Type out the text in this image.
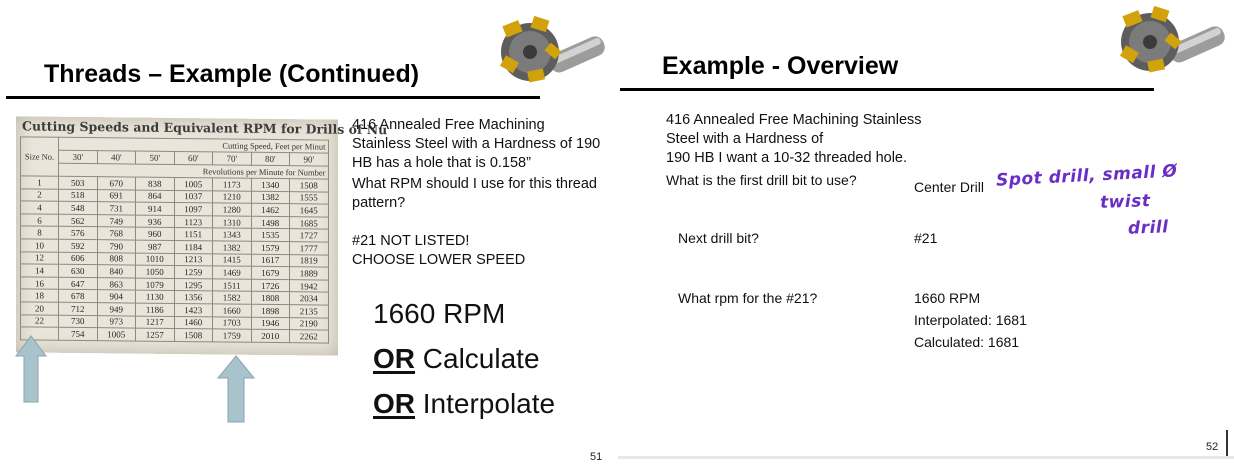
Threads – Example (Continued)
Cutting Speeds and Equivalent RPM for Drills of Nu
Size No.	Cutting Speed, Feet per Minut						
	30'	40'	50'	60'	70'	80'	90'
	Revolutions per Minute for Number						
1	503	670	838	1005	1173	1340	1508
2	518	691	864	1037	1210	1382	1555
4	548	731	914	1097	1280	1462	1645
6	562	749	936	1123	1310	1498	1685
8	576	768	960	1151	1343	1535	1727
10	592	790	987	1184	1382	1579	1777
12	606	808	1010	1213	1415	1617	1819
14	630	840	1050	1259	1469	1679	1889
16	647	863	1079	1295	1511	1726	1942
18	678	904	1130	1356	1582	1808	2034
20	712	949	1186	1423	1660	1898	2135
22	730	973	1217	1460	1703	1946	2190
	754	1005	1257	1508	1759	2010	2262
416 Annealed Free Machining Stainless Steel with a Hardness of 190 HB has a hole that is 0.158”
What RPM should I use for this thread pattern?
#21 NOT LISTED!
CHOOSE LOWER SPEED
1660 RPM
OR Calculate
OR Interpolate
51
Example - Overview
416 Annealed Free Machining Stainless Steel with a Hardness of
190 HB I want a 10-32 threaded hole.
What is the first drill bit to use?	Center Drill Spot drill, small Ø
twist
drill
Next drill bit?	#21
What rpm for the #21?	1660 RPM
Interpolated: 1681
Calculated: 1681
52
